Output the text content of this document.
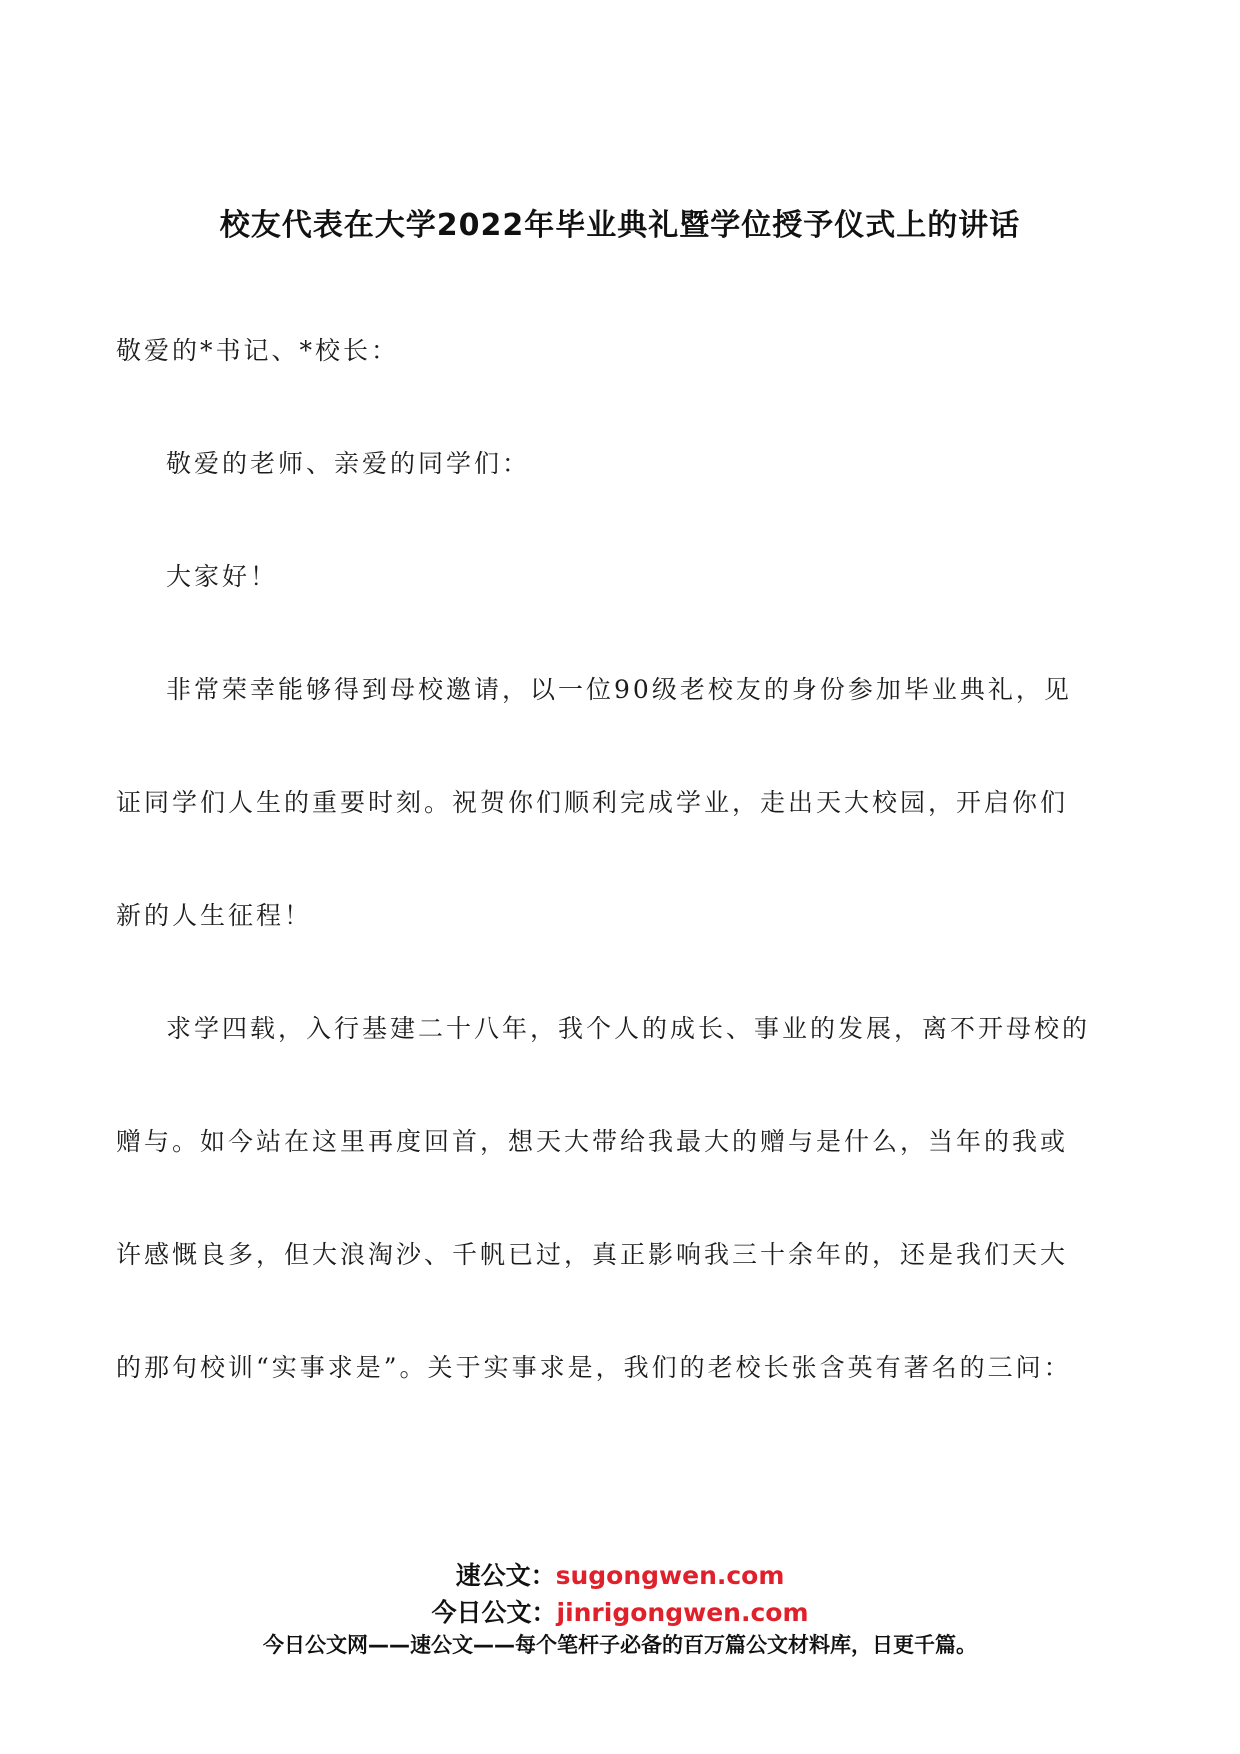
校友代表在大学2022年毕业典礼暨学位授予仪式上的讲话

敬爱的*书记、*校长：

敬爱的老师、亲爱的同学们：

大家好！

非常荣幸能够得到母校邀请，以一位90级老校友的身份参加毕业典礼，见

证同学们人生的重要时刻。祝贺你们顺利完成学业，走出天大校园，开启你们

新的人生征程！

求学四载，入行基建二十八年，我个人的成长、事业的发展，离不开母校的

赠与。如今站在这里再度回首，想天大带给我最大的赠与是什么，当年的我或

许感慨良多，但大浪淘沙、千帆已过，真正影响我三十余年的，还是我们天大

的那句校训“实事求是”。关于实事求是，我们的老校长张含英有著名的三问：

速公文：sugongwen.com

今日公文：jinrigongwen.com

今日公文网——速公文——每个笔杆子必备的百万篇公文材料库，日更千篇。
